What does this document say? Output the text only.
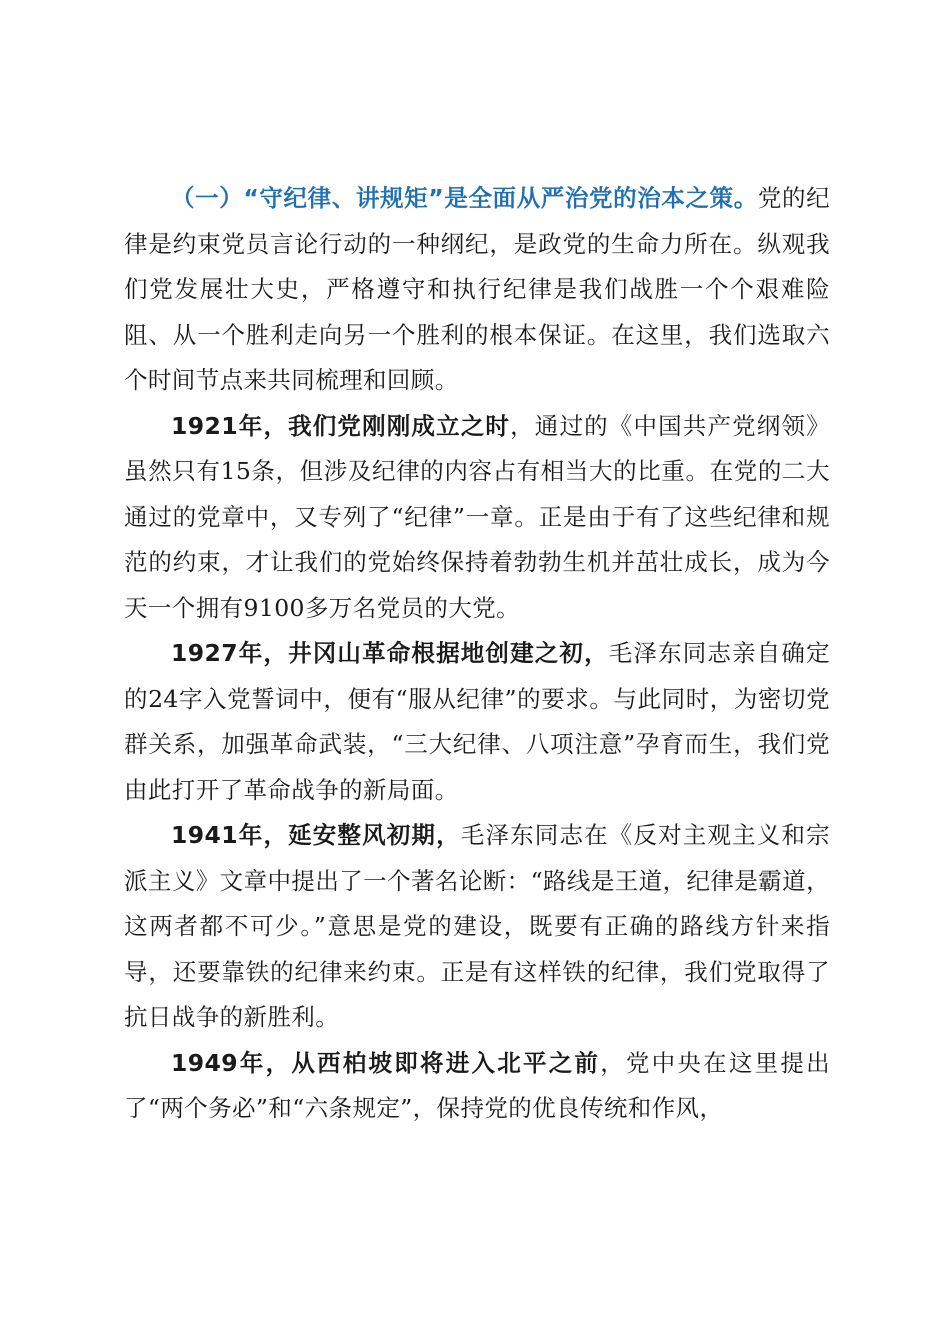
（一）“守纪律、讲规矩”是全面从严治党的治本之策。党的纪律是约束党员言论行动的一种纲纪，是政党的生命力所在。纵观我们党发展壮大史，严格遵守和执行纪律是我们战胜一个个艰难险阻、从一个胜利走向另一个胜利的根本保证。在这里，我们选取六个时间节点来共同梳理和回顾。

1921年，我们党刚刚成立之时，通过的《中国共产党纲领》虽然只有15条，但涉及纪律的内容占有相当大的比重。在党的二大通过的党章中，又专列了“纪律”一章。正是由于有了这些纪律和规范的约束，才让我们的党始终保持着勃勃生机并茁壮成长，成为今天一个拥有9100多万名党员的大党。

1927年，井冈山革命根据地创建之初，毛泽东同志亲自确定的24字入党誓词中，便有“服从纪律”的要求。与此同时，为密切党群关系，加强革命武装，“三大纪律、八项注意”孕育而生，我们党由此打开了革命战争的新局面。

1941年，延安整风初期，毛泽东同志在《反对主观主义和宗派主义》文章中提出了一个著名论断：“路线是王道，纪律是霸道，这两者都不可少。”意思是党的建设，既要有正确的路线方针来指导，还要靠铁的纪律来约束。正是有这样铁的纪律，我们党取得了抗日战争的新胜利。

1949年，从西柏坡即将进入北平之前，党中央在这里提出了“两个务必”和“六条规定”，保持党的优良传统和作风，
